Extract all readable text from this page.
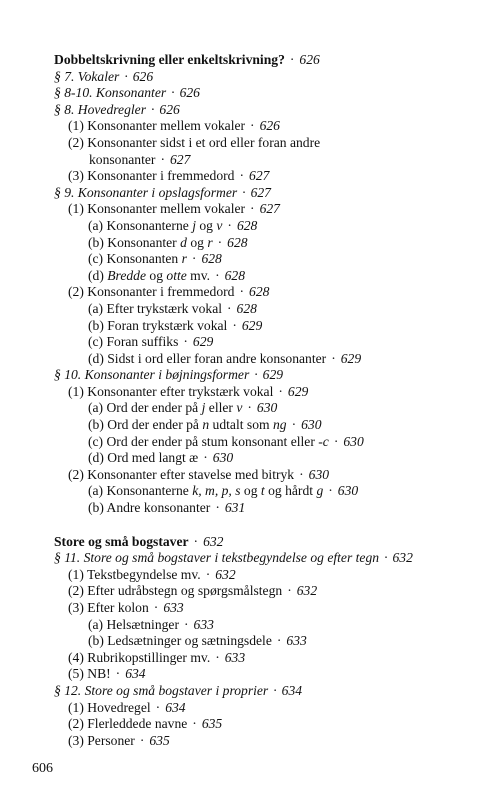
Dobbeltskrivning eller enkeltskrivning? · 626
§ 7. Vokaler · 626
§ 8-10. Konsonanter · 626
§ 8. Hovedregler · 626
(1) Konsonanter mellem vokaler · 626
(2) Konsonanter sidst i et ord eller foran andre
konsonanter · 627
(3) Konsonanter i fremmedord · 627
§ 9. Konsonanter i opslagsformer · 627
(1) Konsonanter mellem vokaler · 627
(a) Konsonanterne j og v · 628
(b) Konsonanter d og r · 628
(c) Konsonanten r · 628
(d) Bredde og otte mv. · 628
(2) Konsonanter i fremmedord · 628
(a) Efter trykstærk vokal · 628
(b) Foran trykstærk vokal · 629
(c) Foran suffiks · 629
(d) Sidst i ord eller foran andre konsonanter · 629
§ 10. Konsonanter i bøjningsformer · 629
(1) Konsonanter efter trykstærk vokal · 629
(a) Ord der ender på j eller v · 630
(b) Ord der ender på n udtalt som ng · 630
(c) Ord der ender på stum konsonant eller -c · 630
(d) Ord med langt æ · 630
(2) Konsonanter efter stavelse med bitryk · 630
(a) Konsonanterne k, m, p, s og t og hårdt g · 630
(b) Andre konsonanter · 631
Store og små bogstaver · 632
§ 11. Store og små bogstaver i tekstbegyndelse og efter tegn · 632
(1) Tekstbegyndelse mv. · 632
(2) Efter udråbstegn og spørgsmålstegn · 632
(3) Efter kolon · 633
(a) Helsætninger · 633
(b) Ledsætninger og sætningsdele · 633
(4) Rubrikopstillinger mv. · 633
(5) NB! · 634
§ 12. Store og små bogstaver i proprier · 634
(1) Hovedregel · 634
(2) Flerleddede navne · 635
(3) Personer · 635
606
